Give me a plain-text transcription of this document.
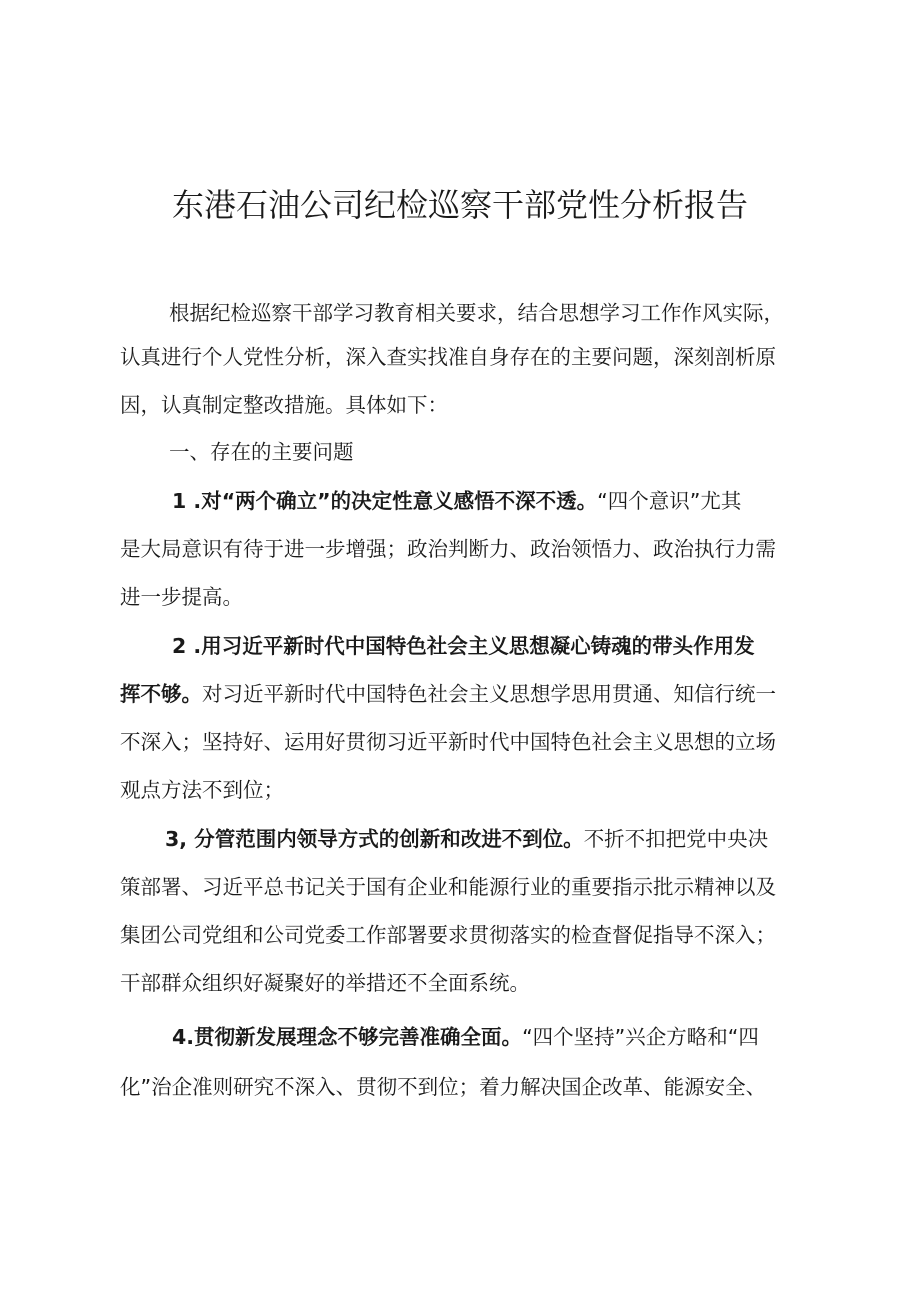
东港石油公司纪检巡察干部党性分析报告

根据纪检巡察干部学习教育相关要求，结合思想学习工作作风实际，

认真进行个人党性分析，深入查实找准自身存在的主要问题，深刻剖析原

因，认真制定整改措施。具体如下：

一、存在的主要问题

1 .对“两个确立”的决定性意义感悟不深不透。“四个意识”尤其

是大局意识有待于进一步增强；政治判断力、政治领悟力、政治执行力需

进一步提高。

2 .用习近平新时代中国特色社会主义思想凝心铸魂的带头作用发

挥不够。对习近平新时代中国特色社会主义思想学思用贯通、知信行统一

不深入；坚持好、运用好贯彻习近平新时代中国特色社会主义思想的立场

观点方法不到位；

3, 分管范围内领导方式的创新和改进不到位。不折不扣把党中央决

策部署、习近平总书记关于国有企业和能源行业的重要指示批示精神以及

集团公司党组和公司党委工作部署要求贯彻落实的检查督促指导不深入；

干部群众组织好凝聚好的举措还不全面系统。

4.贯彻新发展理念不够完善准确全面。“四个坚持”兴企方略和“四

化”治企准则研究不深入、贯彻不到位；着力解决国企改革、能源安全、
